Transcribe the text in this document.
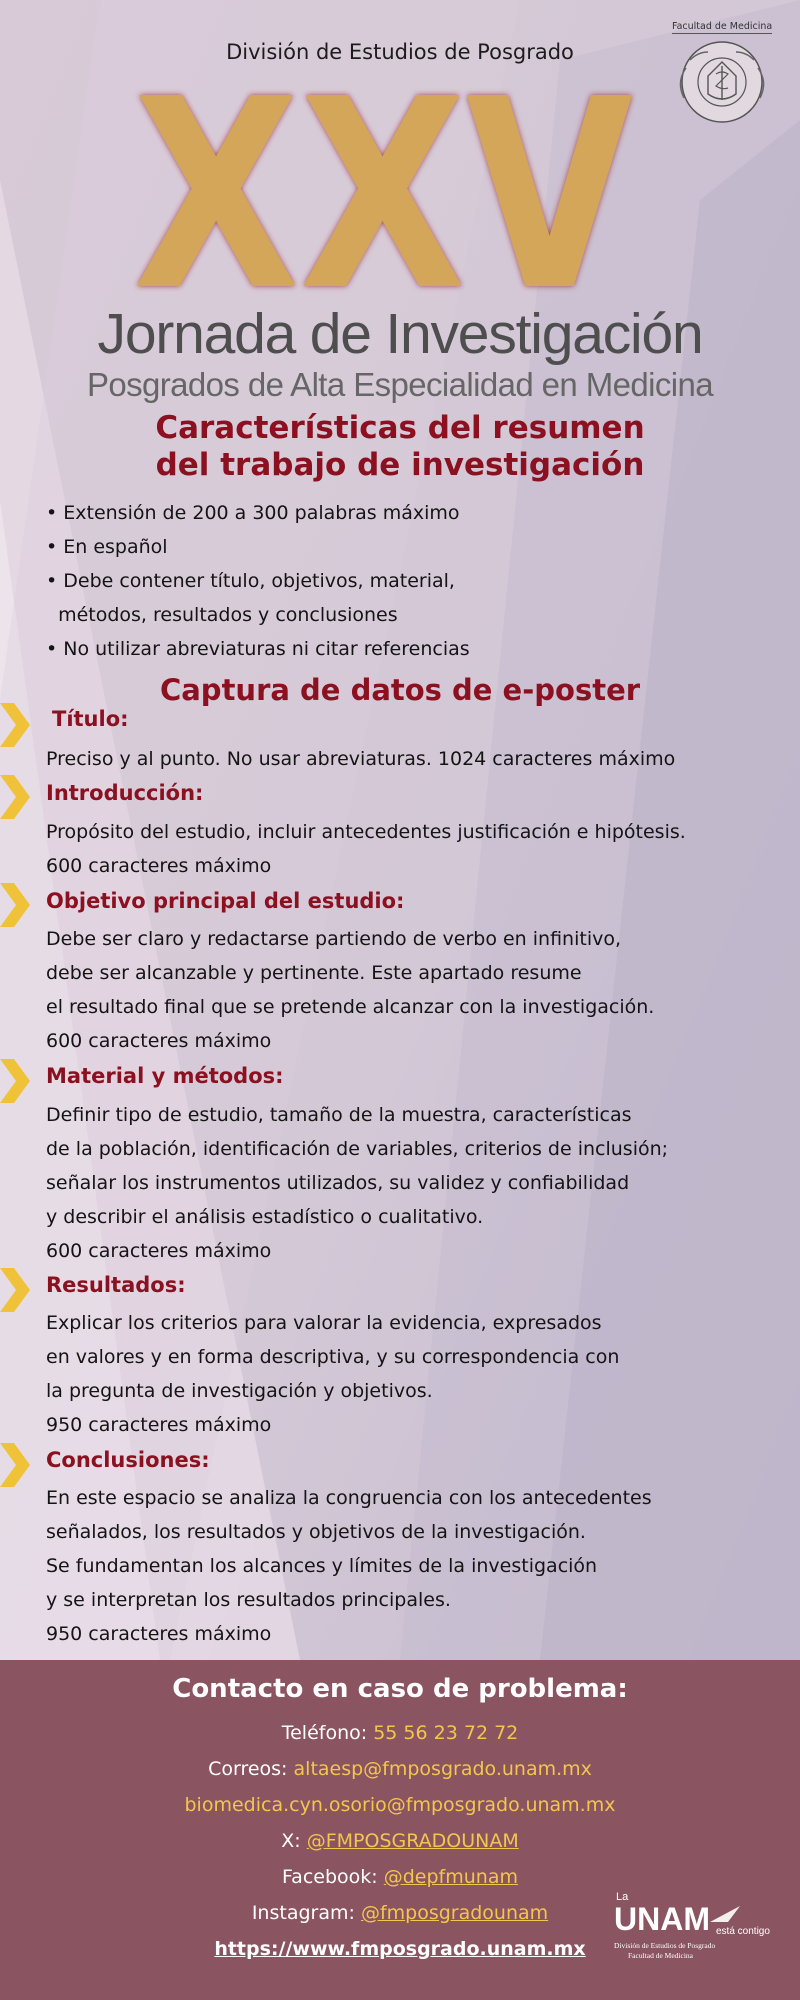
División de Estudios de Posgrado
Facultad de Medicina
XXV
Jornada de Investigación
Posgrados de Alta Especialidad en Medicina
Características del resumen
del trabajo de investigación
• Extensión de 200 a 300 palabras máximo
• En español
• Debe contener título, objetivos, material,
métodos, resultados y conclusiones
• No utilizar abreviaturas ni citar referencias
Captura de datos de e-poster
Título:
Preciso y al punto. No usar abreviaturas. 1024 caracteres máximo
Introducción:
Propósito del estudio, incluir antecedentes justificación e hipótesis.
600 caracteres máximo
Objetivo principal del estudio:
Debe ser claro y redactarse partiendo de verbo en infinitivo,
debe ser alcanzable y pertinente. Este apartado resume
el resultado final que se pretende alcanzar con la investigación.
600 caracteres máximo
Material y métodos:
Definir tipo de estudio, tamaño de la muestra, características
de la población, identificación de variables, criterios de inclusión;
señalar los instrumentos utilizados, su validez y confiabilidad
y describir el análisis estadístico o cualitativo.
600 caracteres máximo
Resultados:
Explicar los criterios para valorar la evidencia, expresados
en valores y en forma descriptiva, y su correspondencia con
la pregunta de investigación y objetivos.
950 caracteres máximo
Conclusiones:
En este espacio se analiza la congruencia con los antecedentes
señalados, los resultados y objetivos de la investigación.
Se fundamentan los alcances y límites de la investigación
y se interpretan los resultados principales.
950 caracteres máximo
Contacto en caso de problema:
Teléfono: 55 56 23 72 72
Correos: altaesp@fmposgrado.unam.mx
biomedica.cyn.osorio@fmposgrado.unam.mx
X: @FMPOSGRADOUNAM
Facebook: @depfmunam
Instagram: @fmposgradounam
https://www.fmposgrado.unam.mx
La
UNAM está contigo
División de Estudios de Posgrado
Facultad de Medicina
